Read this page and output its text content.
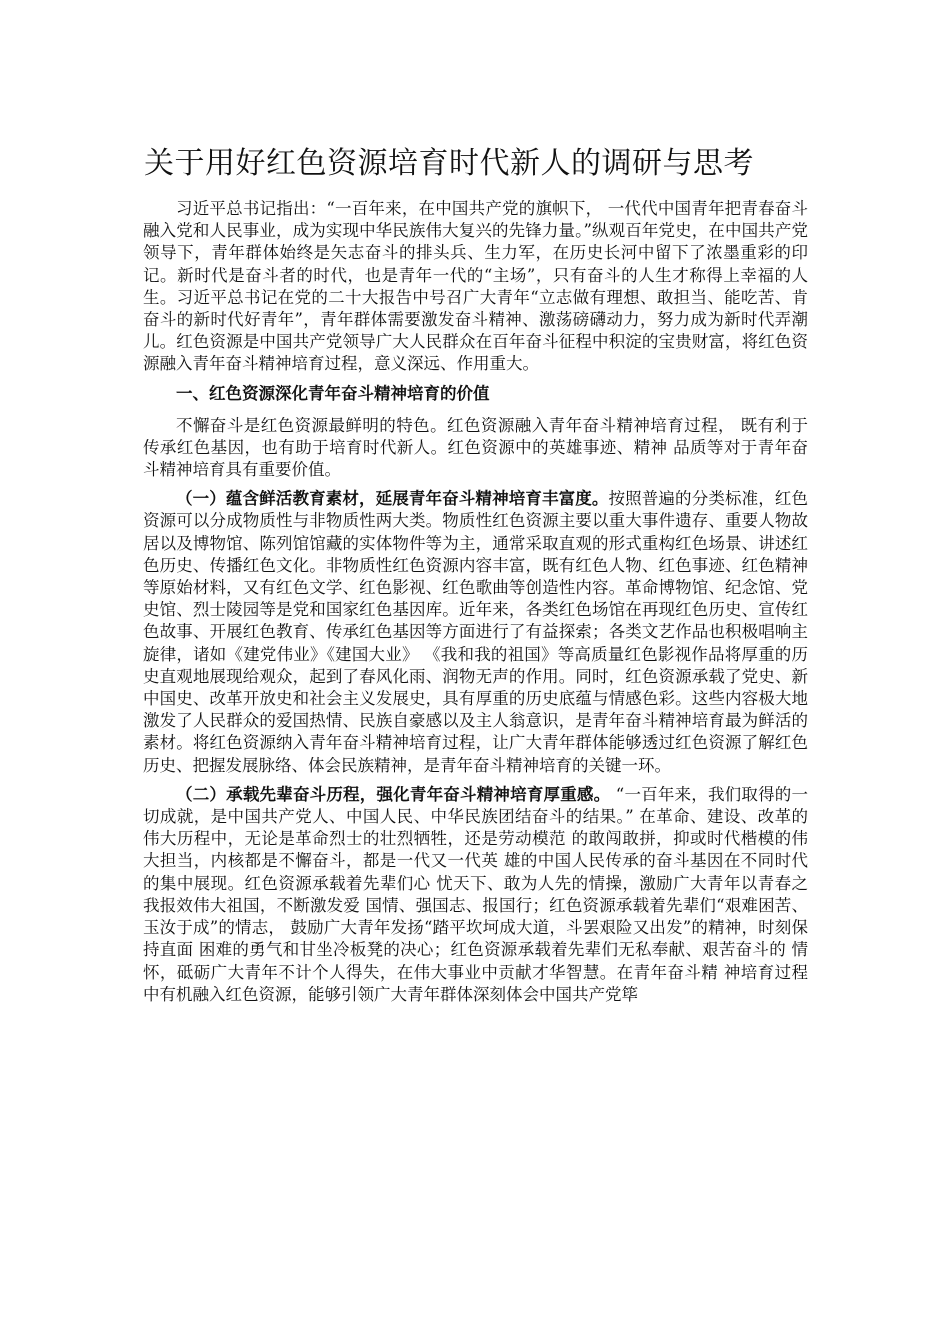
关于用好红色资源培育时代新人的调研与思考

习近平总书记指出：“一百年来，在中国共产党的旗帜下， 一代代中国青年把青春奋斗融入党和人民事业，成为实现中华民族伟大复兴的先锋力量。”纵观百年党史，在中国共产党领导下，青年群体始终是矢志奋斗的排头兵、生力军，在历史长河中留下了浓墨重彩的印记。新时代是奋斗者的时代，也是青年一代的“主场”，只有奋斗的人生才称得上幸福的人生。习近平总书记在党的二十大报告中号召广大青年“立志做有理想、敢担当、能吃苦、肯奋斗的新时代好青年”，青年群体需要激发奋斗精神、激荡磅礴动力，努力成为新时代弄潮儿。红色资源是中国共产党领导广大人民群众在百年奋斗征程中积淀的宝贵财富，将红色资源融入青年奋斗精神培育过程，意义深远、作用重大。

一、红色资源深化青年奋斗精神培育的价值

不懈奋斗是红色资源最鲜明的特色。红色资源融入青年奋斗精神培育过程， 既有利于传承红色基因，也有助于培育时代新人。红色资源中的英雄事迹、精神 品质等对于青年奋斗精神培育具有重要价值。

（一）蕴含鲜活教育素材，延展青年奋斗精神培育丰富度。按照普遍的分类标准，红色资源可以分成物质性与非物质性两大类。物质性红色资源主要以重大事件遗存、重要人物故居以及博物馆、陈列馆馆藏的实体物件等为主，通常采取直观的形式重构红色场景、讲述红色历史、传播红色文化。非物质性红色资源内容丰富，既有红色人物、红色事迹、红色精神等原始材料，又有红色文学、红色影视、红色歌曲等创造性内容。革命博物馆、纪念馆、党史馆、烈士陵园等是党和国家红色基因库。近年来，各类红色场馆在再现红色历史、宣传红色故事、开展红色教育、传承红色基因等方面进行了有益探索；各类文艺作品也积极唱响主旋律，诸如《建党伟业》《建国大业》 《我和我的祖国》等高质量红色影视作品将厚重的历史直观地展现给观众，起到了春风化雨、润物无声的作用。同时，红色资源承载了党史、新中国史、改革开放史和社会主义发展史，具有厚重的历史底蕴与情感色彩。这些内容极大地激发了人民群众的爱国热情、民族自豪感以及主人翁意识，是青年奋斗精神培育最为鲜活的素材。将红色资源纳入青年奋斗精神培育过程，让广大青年群体能够透过红色资源了解红色历史、把握发展脉络、体会民族精神，是青年奋斗精神培育的关键一环。

（二）承载先辈奋斗历程，强化青年奋斗精神培育厚重感。 “一百年来，我们取得的一切成就，是中国共产党人、中国人民、中华民族团结奋斗的结果。” 在革命、建设、改革的伟大历程中，无论是革命烈士的壮烈牺牲，还是劳动模范 的敢闯敢拼，抑或时代楷模的伟大担当，内核都是不懈奋斗，都是一代又一代英 雄的中国人民传承的奋斗基因在不同时代的集中展现。红色资源承载着先辈们心 忧天下、敢为人先的情操，激励广大青年以青春之我报效伟大祖国，不断激发爱 国情、强国志、报国行；红色资源承载着先辈们“艰难困苦、玉汝于成”的情志， 鼓励广大青年发扬“踏平坎坷成大道，斗罢艰险又出发”的精神，时刻保持直面 困难的勇气和甘坐冷板凳的决心；红色资源承载着先辈们无私奉献、艰苦奋斗的 情怀，砥砺广大青年不计个人得失，在伟大事业中贡献才华智慧。在青年奋斗精 神培育过程中有机融入红色资源，能够引领广大青年群体深刻体会中国共产党筚
